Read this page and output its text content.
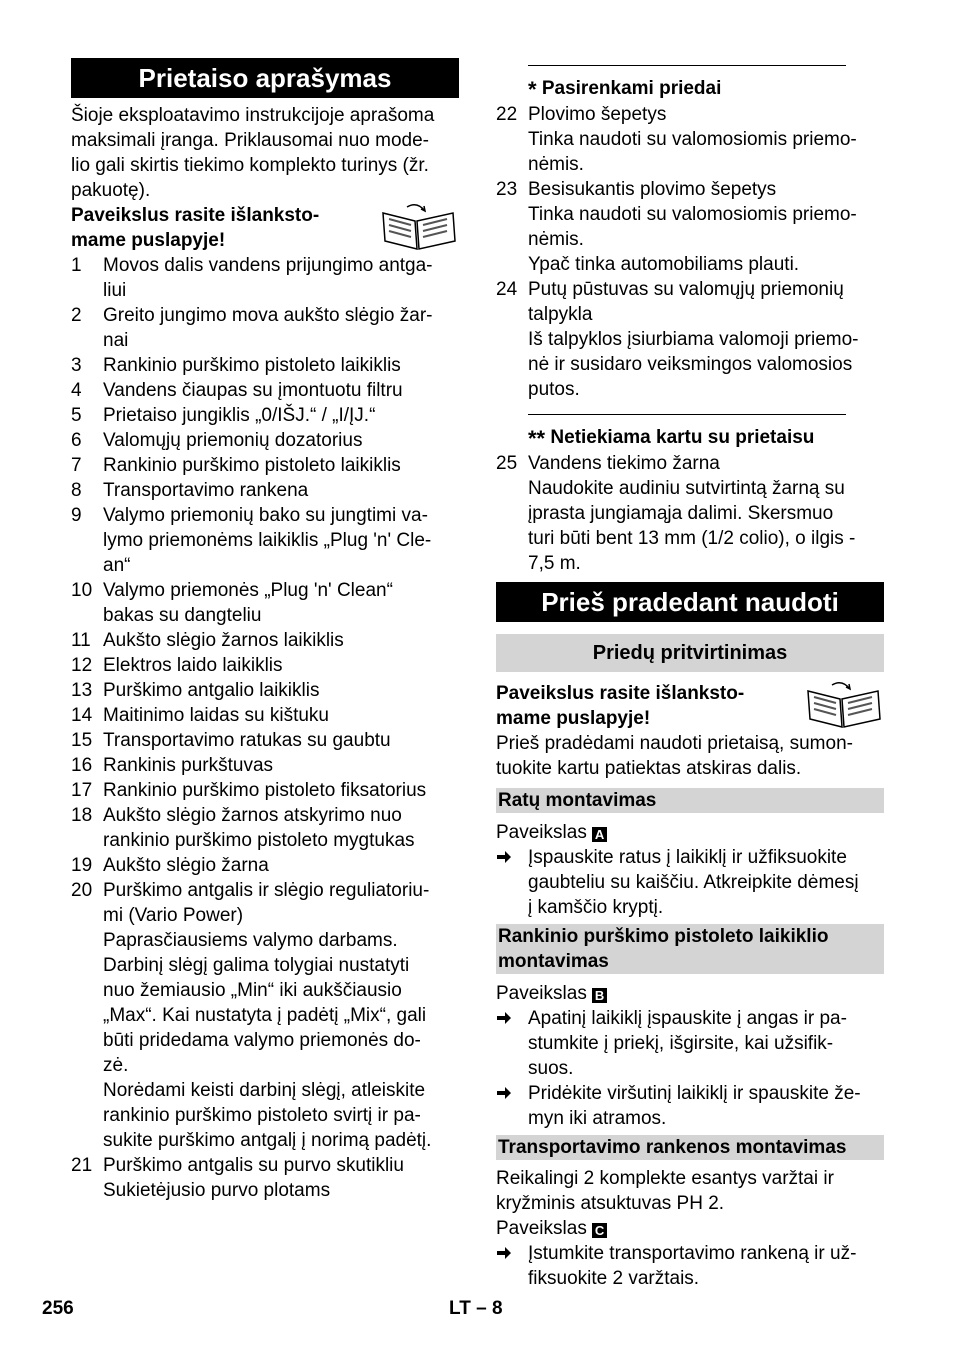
Prietaiso aprašymas

Šioje eksploatavimo instrukcijoje aprašoma

maksimali įranga. Priklausomai nuo mode-

lio gali skirtis tiekimo komplekto turinys (žr.

pakuotę).

Paveikslus rasite išlanksto-

mame puslapyje!

1	Movos dalis vandens prijungimo antga-
liui
2	Greito jungimo mova aukšto slėgio žar-
nai
3	Rankinio purškimo pistoleto laikiklis
4	Vandens čiaupas su įmontuotu filtru
5	Prietaiso jungiklis „0/IŠJ.“ / „I/ĮJ.“
6	Valomųjų priemonių dozatorius
7	Rankinio purškimo pistoleto laikiklis
8	Transportavimo rankena
9	Valymo priemonių bako su jungtimi va-
lymo priemonėms laikiklis „Plug 'n' Cle-
an“
10 Valymo priemonės „Plug 'n' Clean“
bakas su dangteliu
11 Aukšto slėgio žarnos laikiklis
12 Elektros laido laikiklis
13 Purškimo antgalio laikiklis
14 Maitinimo laidas su kištuku
15 Transportavimo ratukas su gaubtu
16 Rankinis purkštuvas
17 Rankinio purškimo pistoleto fiksatorius
18 Aukšto slėgio žarnos atskyrimo nuo
rankinio purškimo pistoleto mygtukas
19 Aukšto slėgio žarna
20 Purškimo antgalis ir slėgio reguliatoriu-
mi (Vario Power)
Paprasčiausiems valymo darbams.
Darbinį slėgį galima tolygiai nustatyti
nuo žemiausio „Min“ iki aukščiausio
„Max“. Kai nustatyta į padėtį „Mix“, gali
būti pridedama valymo priemonės do-
zė.
Norėdami keisti darbinį slėgį, atleiskite
rankinio purškimo pistoleto svirtį ir pa-
sukite purškimo antgalį į norimą padėtį.
21 Purškimo antgalis su purvo skutikliu
Sukietėjusio purvo plotams
* Pasirenkami priedai
22 Plovimo šepetys
Tinka naudoti su valomosiomis priemo-
nėmis.
23 Besisukantis plovimo šepetys
Tinka naudoti su valomosiomis priemo-
nėmis.
Ypač tinka automobiliams plauti.
24 Putų pūstuvas su valomųjų priemonių
talpykla
Iš talpyklos įsiurbiama valomoji priemo-
nė ir susidaro veiksmingos valomosios
putos.
** Netiekiama kartu su prietaisu
25 Vandens tiekimo žarna
Naudokite audiniu sutvirtintą žarną su
įprasta jungiamąja dalimi. Skersmuo
turi būti bent 13 mm (1/2 colio), o ilgis -
7,5 m.
Prieš pradedant naudoti
Priedų pritvirtinimas

Paveikslus rasite išlanksto-

mame puslapyje!

Prieš pradėdami naudoti prietaisą, sumon-

tuokite kartu patiektas atskiras dalis.

Ratų montavimas

Paveikslas A

Įspauskite ratus į laikiklį ir užfiksuokite
gaubteliu su kaiščiu. Atkreipkite dėmesį
į kamščio kryptį.
Rankinio purškimo pistoleto laikiklio
montavimas

Paveikslas B

Apatinį laikiklį įspauskite į angas ir pa-
stumkite į priekį, išgirsite, kai užsifik-
suos.
Pridėkite viršutinį laikiklį ir spauskite že-
myn iki atramos.
Transportavimo rankenos montavimas

Reikalingi 2 komplekte esantys varžtai ir

kryžminis atsuktuvas PH 2.

Paveikslas C

Įstumkite transportavimo rankeną ir už-
fiksuokite 2 varžtais.
256	LT – 8
